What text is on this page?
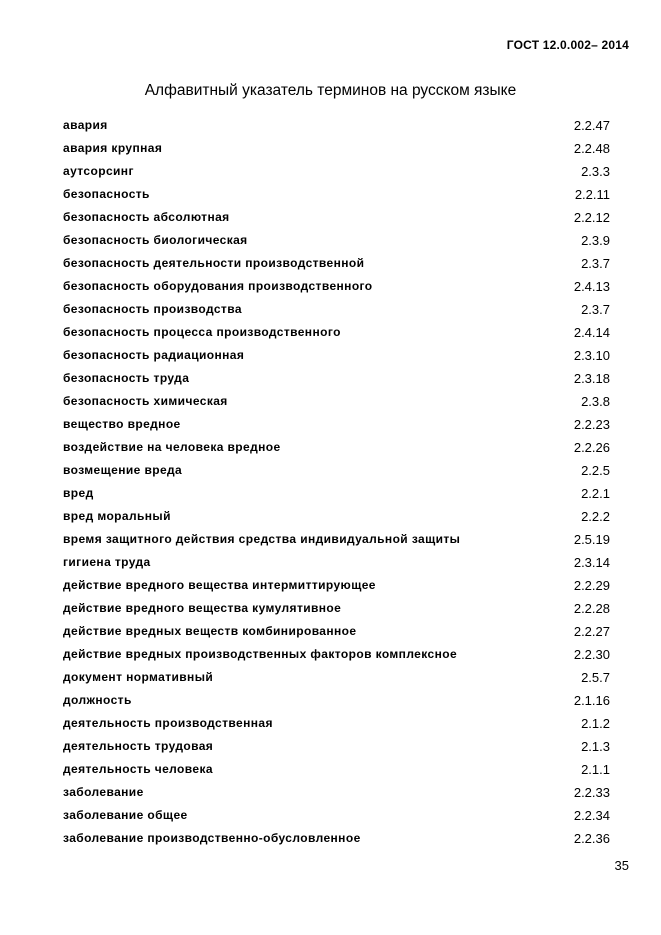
ГОСТ 12.0.002– 2014
Алфавитный указатель терминов на русском языке
авария	2.2.47
авария крупная	2.2.48
аутсорсинг	2.3.3
безопасность	2.2.11
безопасность абсолютная	2.2.12
безопасность биологическая	2.3.9
безопасность деятельности производственной	2.3.7
безопасность оборудования производственного	2.4.13
безопасность производства	2.3.7
безопасность процесса производственного	2.4.14
безопасность радиационная	2.3.10
безопасность труда	2.3.18
безопасность химическая	2.3.8
вещество вредное	2.2.23
воздействие на человека вредное	2.2.26
возмещение вреда	2.2.5
вред	2.2.1
вред моральный	2.2.2
время защитного действия средства индивидуальной защиты	2.5.19
гигиена труда	2.3.14
действие вредного вещества интермиттирующее	2.2.29
действие вредного вещества кумулятивное	2.2.28
действие вредных веществ комбинированное	2.2.27
действие вредных производственных факторов комплексное	2.2.30
документ нормативный	2.5.7
должность	2.1.16
деятельность производственная	2.1.2
деятельность трудовая	2.1.3
деятельность человека	2.1.1
заболевание	2.2.33
заболевание общее	2.2.34
заболевание производственно-обусловленное	2.2.36
35
